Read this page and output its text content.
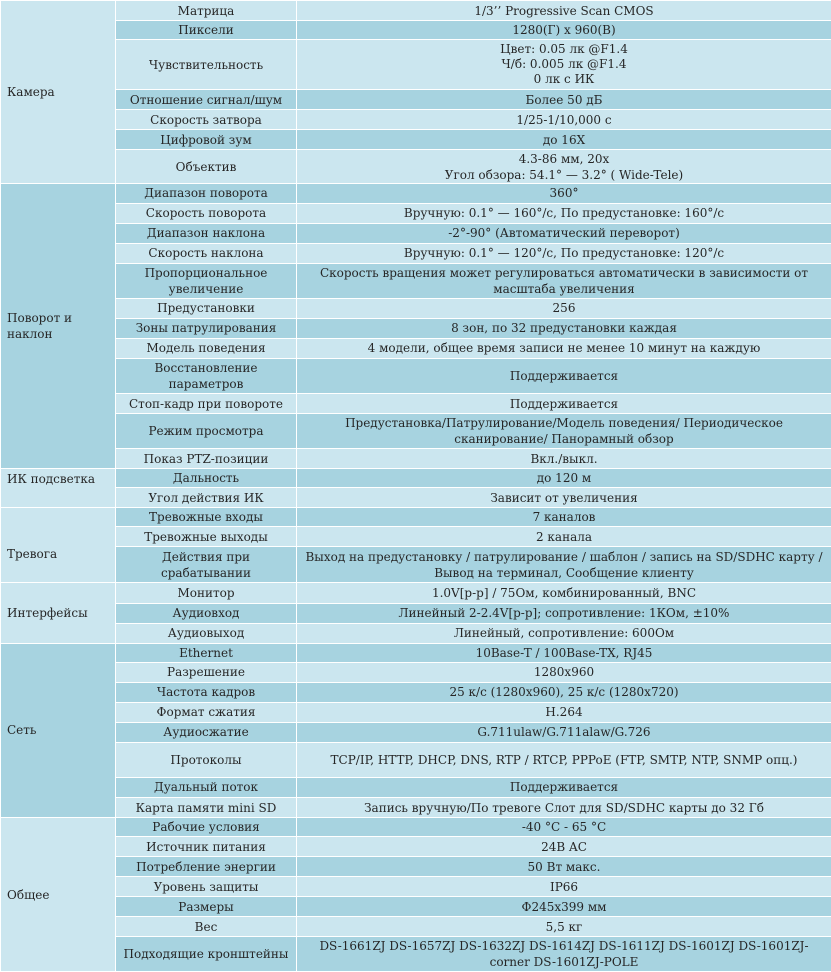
Камера	Матрица	1/3’’ Progressive Scan CMOS
	Пиксели	1280(Г) x 960(В)
	Чувствительность	Цвет: 0.05 лк @F1.4
Ч/б: 0.005 лк @F1.4
0 лк с ИК
	Отношение сигнал/шум	Более 50 дБ
	Скорость затвора	1/25-1/10,000 с
	Цифровой зум	до 16X
	Объектив	4.3-86 мм, 20x
Угол обзора: 54.1° — 3.2° ( Wide-Tele)
Поворот и наклон	Диапазон поворота	360°
	Скорость поворота	Вручную: 0.1° — 160°/с, По предустановке: 160°/с
	Диапазон наклона	-2°-90° (Автоматический переворот)
	Скорость наклона	Вручную: 0.1° — 120°/с, По предустановке: 120°/с
	Пропорциональное увеличение	Скорость вращения может регулироваться автоматически в зависимости от масштаба увеличения
	Предустановки	256
	Зоны патрулирования	8 зон, по 32 предустановки каждая
	Модель поведения	4 модели, общее время записи не менее 10 минут на каждую
	Восстановление параметров	Поддерживается
	Стоп-кадр при повороте	Поддерживается
	Режим просмотра	Предустановка/Патрулирование/Модель поведения/ Периодическое сканирование/ Панорамный обзор
	Показ PTZ-позиции	Вкл./выкл.
ИК подсветка	Дальность	до 120 м
	Угол действия ИК	Зависит от увеличения
Тревога	Тревожные входы	7 каналов
	Тревожные выходы	2 канала
	Действия при срабатывании	Выход на предустановку / патрулирование / шаблон / запись на SD/SDHC карту / Вывод на терминал, Сообщение клиенту
Интерфейсы	Монитор	1.0V[p-p] / 75Ом, комбинированный, BNC
	Аудиовход	Линейный 2-2.4V[p-p]; сопротивление: 1КОм, ±10%
	Аудиовыход	Линейный, сопротивление: 600Ом
Сеть	Ethernet	10Base-T / 100Base-TX, RJ45
	Разрешение	1280x960
	Частота кадров	25 к/с (1280x960), 25 к/с (1280x720)
	Формат сжатия	H.264
	Аудиосжатие	G.711ulaw/G.711alaw/G.726
	Протоколы	TCP/IP, HTTP, DHCP, DNS, RTP / RTCP, PPPoE (FTP, SMTP, NTP, SNMP опц.)
	Дуальный поток	Поддерживается
	Карта памяти mini SD	Запись вручную/По тревоге Слот для SD/SDHC карты до 32 Гб
Общее	Рабочие условия	-40 °C - 65 °C
	Источник питания	24В AC
	Потребление энергии	50 Вт макс.
	Уровень защиты	IP66
	Размеры	Ф245x399 мм
	Вес	5,5 кг
	Подходящие кронштейны	DS-1661ZJ DS-1657ZJ DS-1632ZJ DS-1614ZJ DS-1611ZJ DS-1601ZJ DS-1601ZJ-corner DS-1601ZJ-POLE
